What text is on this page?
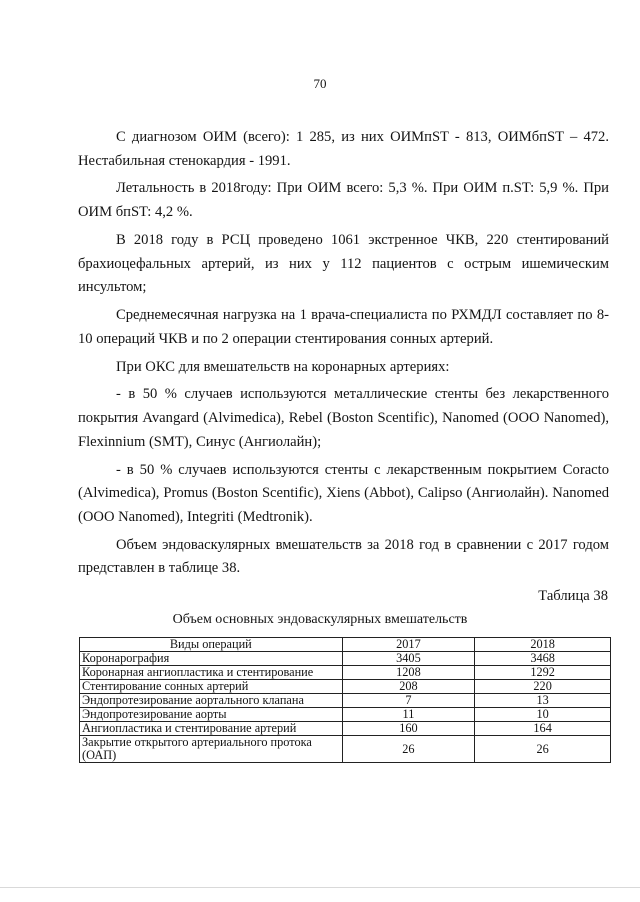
70

С диагнозом ОИМ (всего): 1 285, из них ОИМпST - 813, ОИМбпST – 472. Нестабильная стенокардия - 1991.

Летальность в 2018году: При ОИМ всего: 5,3 %. При ОИМ п.ST: 5,9 %. При ОИМ бпST: 4,2 %.

В 2018 году в РСЦ проведено 1061 экстренное ЧКВ, 220 стентирований брахиоцефальных артерий, из них у 112 пациентов с острым ишемическим инсультом;

Среднемесячная нагрузка на 1 врача-специалиста по РХМДЛ составляет по 8-10 операций ЧКВ и по 2 операции стентирования сонных артерий.

При ОКС для вмешательств на коронарных артериях:

- в 50 % случаев используются металлические стенты без лекарственного покрытия Avangard (Alvimedica), Rebel (Boston Scentific), Nanomed (ООО Nanomed), Flexinnium (SMT), Синус (Ангиолайн);

- в 50 % случаев используются стенты с лекарственным покрытием Coracto (Alvimedica), Promus (Boston Scentific), Xiens (Abbot), Calipso (Ангиолайн). Nanomed (ООО Nanomed), Integriti (Medtronik).

Объем эндоваскулярных вмешательств за 2018 год в сравнении с 2017 годом представлен в таблице 38.

Таблица 38
Объем основных эндоваскулярных вмешательств
Виды операций	2017	2018
Коронарография	3405	3468
Коронарная ангиопластика и стентирование	1208	1292
Стентирование сонных артерий	208	220
Эндопротезирование аортального клапана	7	13
Эндопротезирование аорты	11	10
Ангиопластика и стентирование артерий	160	164
Закрытие открытого артериального протока (ОАП)	26	26
